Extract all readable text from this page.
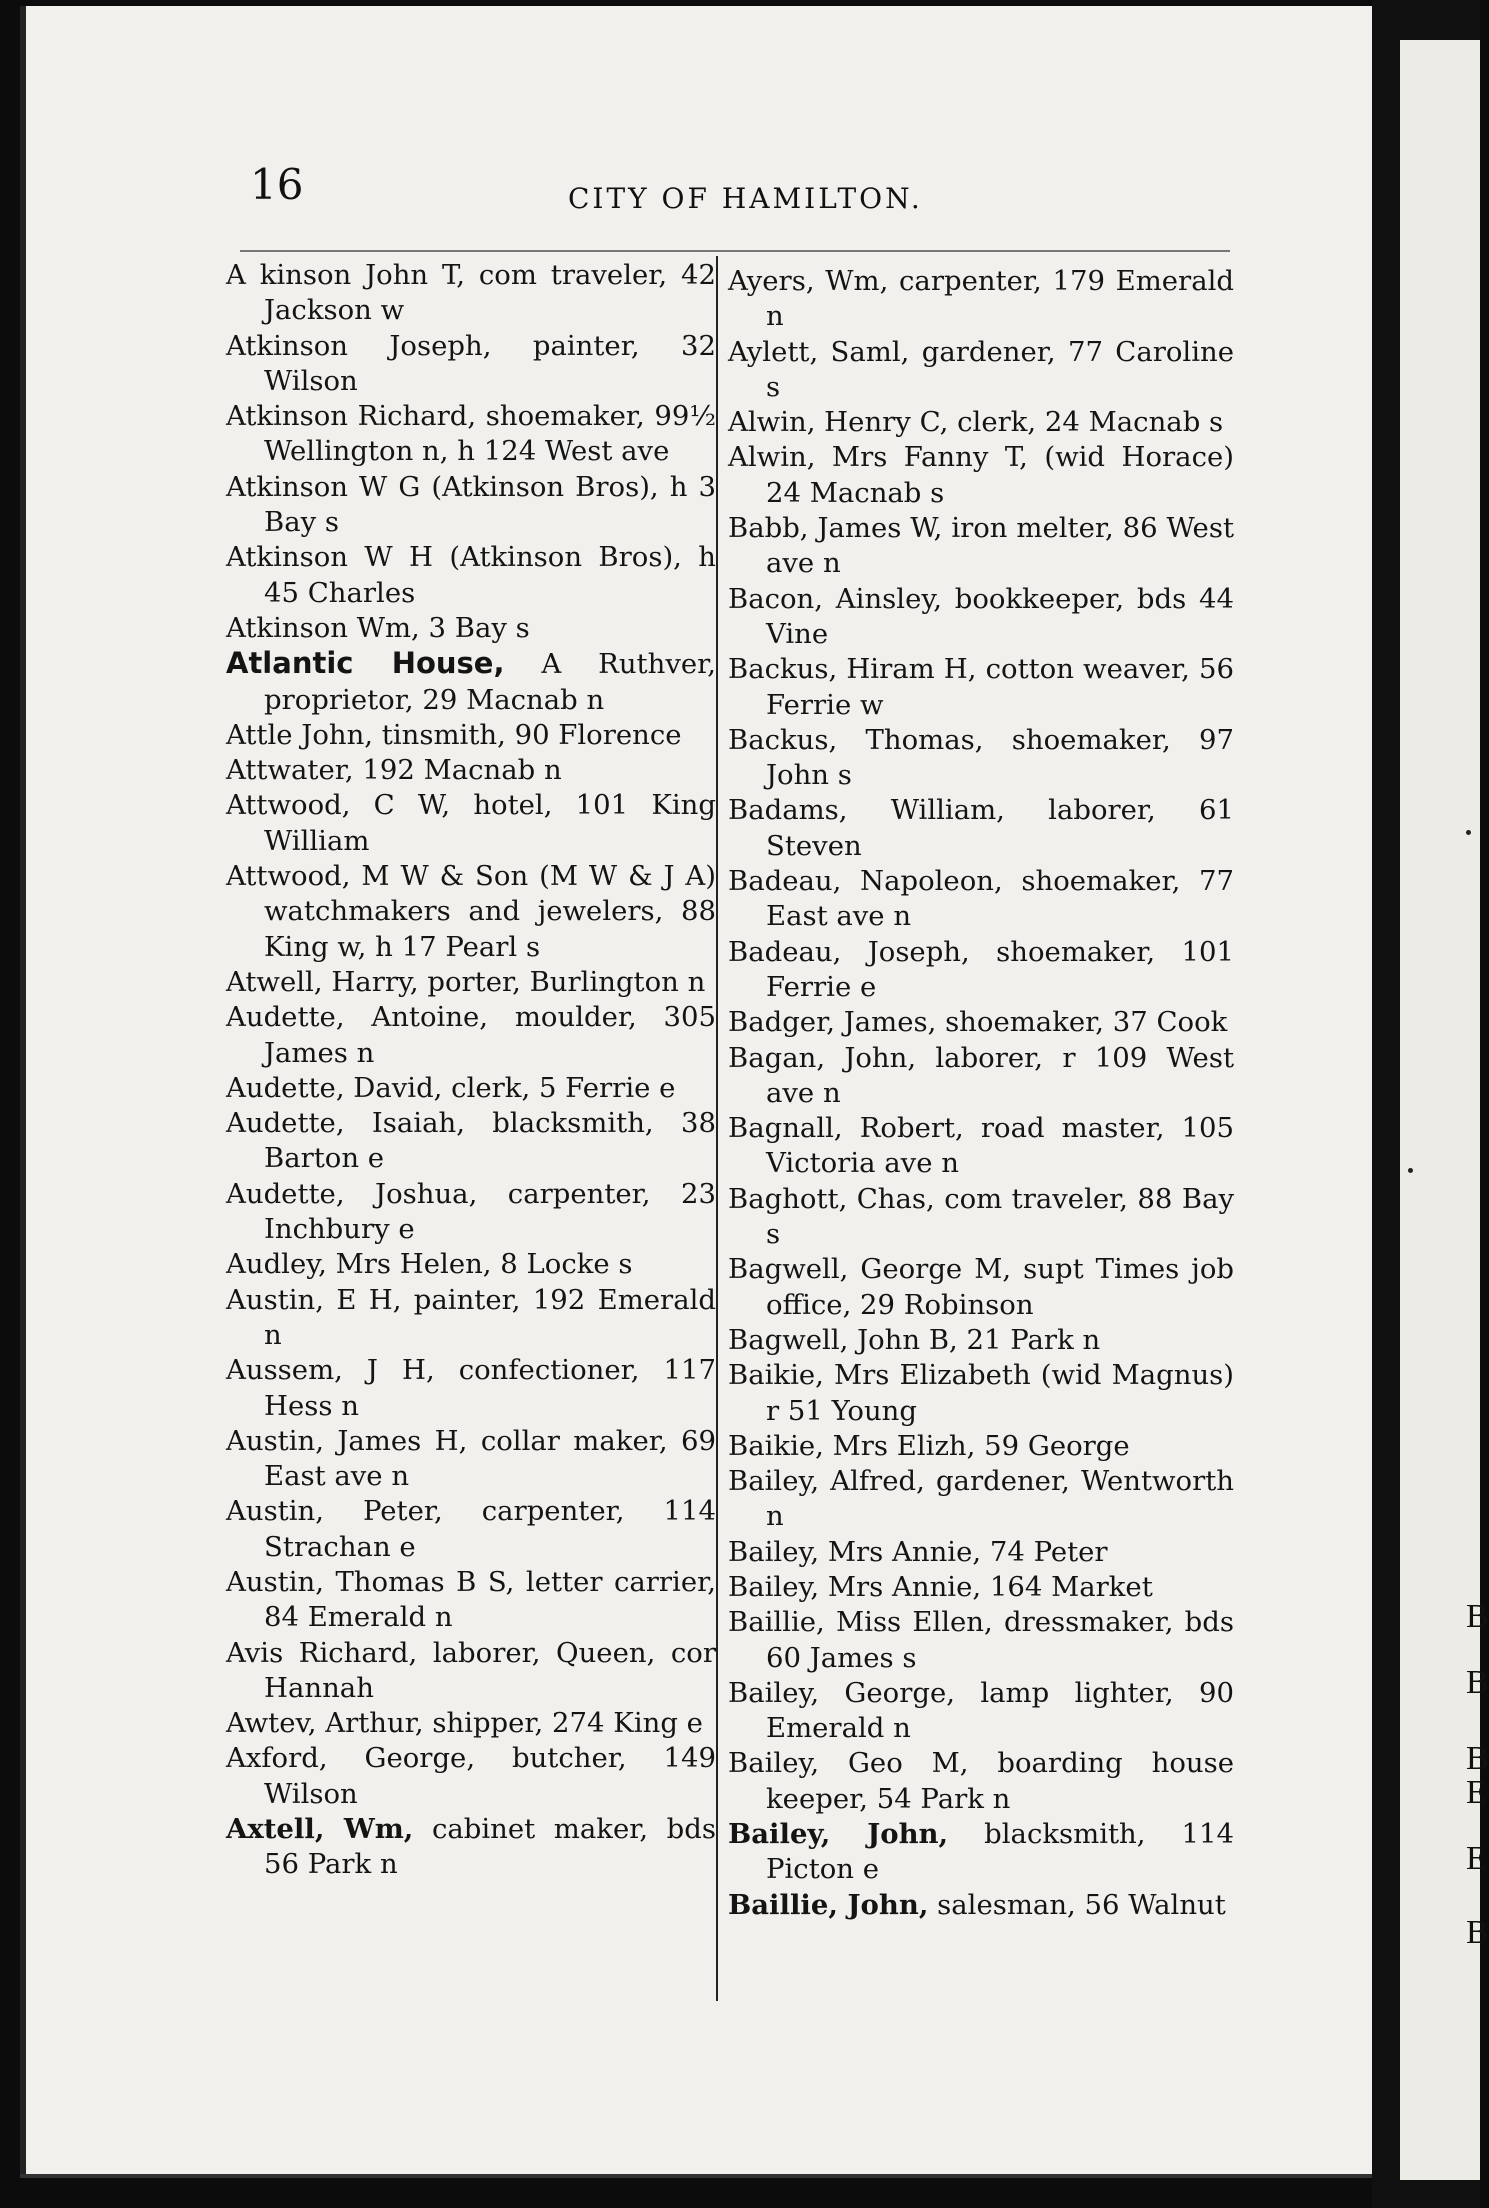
B
B
B
E
E
B
16	CITY OF HAMILTON.
A kinson John T, com traveler, 42 Jackson w
Atkinson Joseph, painter, 32 Wilson
Atkinson Richard, shoemaker, 99½ Wellington n, h 124 West ave
Atkinson W G (Atkinson Bros), h 3 Bay s
Atkinson W H (Atkinson Bros), h 45 Charles
Atkinson Wm, 3 Bay s
Atlantic House, A Ruthver, proprietor, 29 Macnab n
Attle John, tinsmith, 90 Florence
Attwater, 192 Macnab n
Attwood, C W, hotel, 101 King William
Attwood, M W & Son (M W & J A) watchmakers and jewelers, 88 King w, h 17 Pearl s
Atwell, Harry, porter, Burlington n
Audette, Antoine, moulder, 305 James n
Audette, David, clerk, 5 Ferrie e
Audette, Isaiah, blacksmith, 38 Barton e
Audette, Joshua, carpenter, 23 Inchbury e
Audley, Mrs Helen, 8 Locke s
Austin, E H, painter, 192 Emerald n
Aussem, J H, confectioner, 117 Hess n
Austin, James H, collar maker, 69 East ave n
Austin, Peter, carpenter, 114 Strachan e
Austin, Thomas B S, letter carrier, 84 Emerald n
Avis Richard, laborer, Queen, cor Hannah
Awtev, Arthur, shipper, 274 King e
Axford, George, butcher, 149 Wilson
Axtell, Wm, cabinet maker, bds 56 Park n
Ayers, Wm, carpenter, 179 Emerald n
Aylett, Saml, gardener, 77 Caroline s
Alwin, Henry C, clerk, 24 Macnab s
Alwin, Mrs Fanny T, (wid Horace) 24 Macnab s
Babb, James W, iron melter, 86 West ave n
Bacon, Ainsley, bookkeeper, bds 44 Vine
Backus, Hiram H, cotton weaver, 56 Ferrie w
Backus, Thomas, shoemaker, 97 John s
Badams, William, laborer, 61 Steven
Badeau, Napoleon, shoemaker, 77 East ave n
Badeau, Joseph, shoemaker, 101 Ferrie e
Badger, James, shoemaker, 37 Cook
Bagan, John, laborer, r 109 West ave n
Bagnall, Robert, road master, 105 Victoria ave n
Baghott, Chas, com traveler, 88 Bay s
Bagwell, George M, supt Times job office, 29 Robinson
Bagwell, John B, 21 Park n
Baikie, Mrs Elizabeth (wid Magnus) r 51 Young
Baikie, Mrs Elizh, 59 George
Bailey, Alfred, gardener, Wentworth n
Bailey, Mrs Annie, 74 Peter
Bailey, Mrs Annie, 164 Market
Baillie, Miss Ellen, dressmaker, bds 60 James s
Bailey, George, lamp lighter, 90 Emerald n
Bailey, Geo M, boarding house keeper, 54 Park n
Bailey, John, blacksmith, 114 Picton e
Baillie, John, salesman, 56 Walnut
